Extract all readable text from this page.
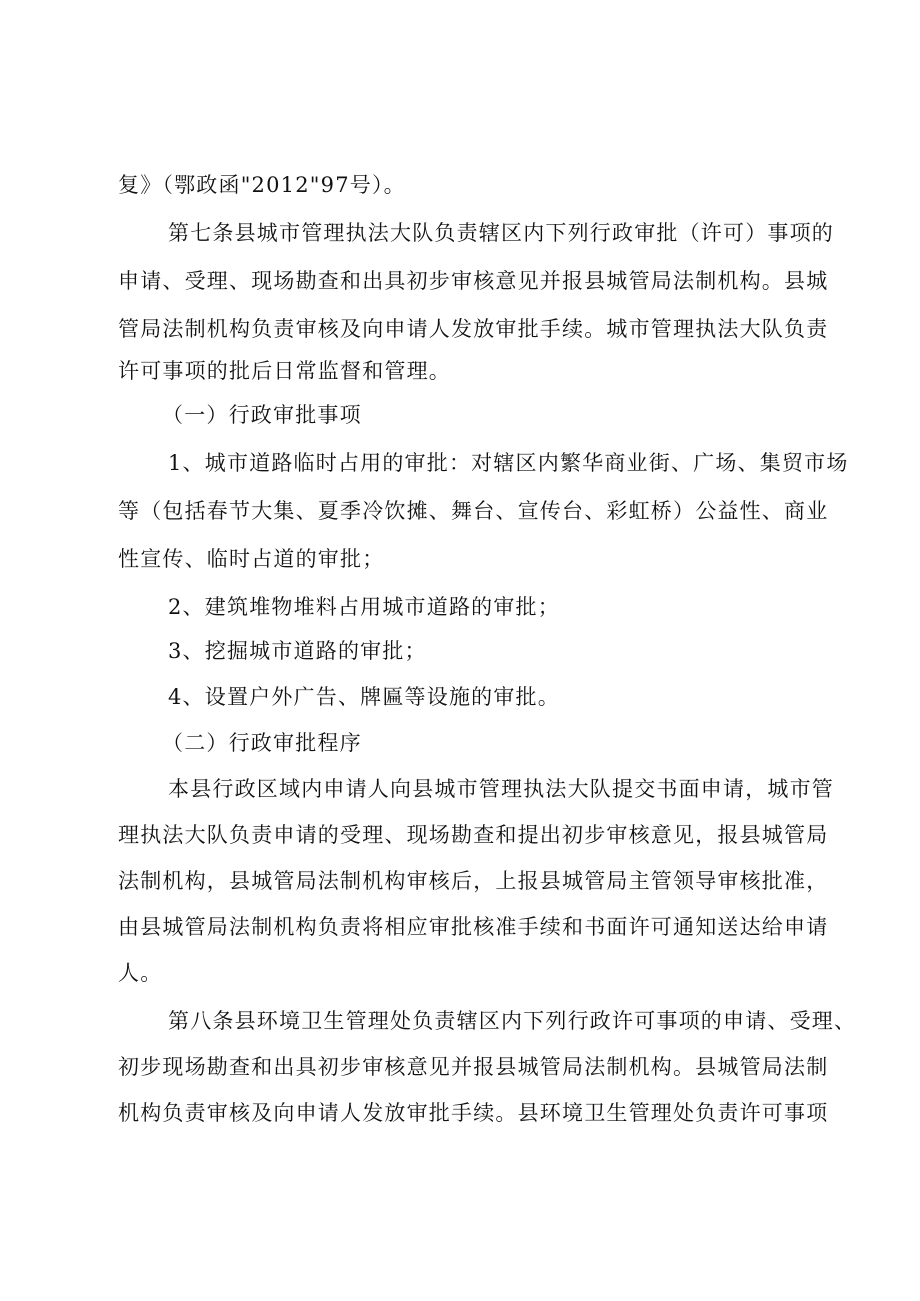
复》（鄂政函"2012"97号）。
第七条县城市管理执法大队负责辖区内下列行政审批（许可）事项的
申请、受理、现场勘查和出具初步审核意见并报县城管局法制机构。县城
管局法制机构负责审核及向申请人发放审批手续。城市管理执法大队负责
许可事项的批后日常监督和管理。
（一）行政审批事项
1、城市道路临时占用的审批：对辖区内繁华商业街、广场、集贸市场
等（包括春节大集、夏季冷饮摊、舞台、宣传台、彩虹桥）公益性、商业
性宣传、临时占道的审批；
2、建筑堆物堆料占用城市道路的审批；
3、挖掘城市道路的审批；
4、设置户外广告、牌匾等设施的审批。
（二）行政审批程序
本县行政区域内申请人向县城市管理执法大队提交书面申请，城市管
理执法大队负责申请的受理、现场勘查和提出初步审核意见，报县城管局
法制机构，县城管局法制机构审核后，上报县城管局主管领导审核批准，
由县城管局法制机构负责将相应审批核准手续和书面许可通知送达给申请
人。
第八条县环境卫生管理处负责辖区内下列行政许可事项的申请、受理、
初步现场勘查和出具初步审核意见并报县城管局法制机构。县城管局法制
机构负责审核及向申请人发放审批手续。县环境卫生管理处负责许可事项
